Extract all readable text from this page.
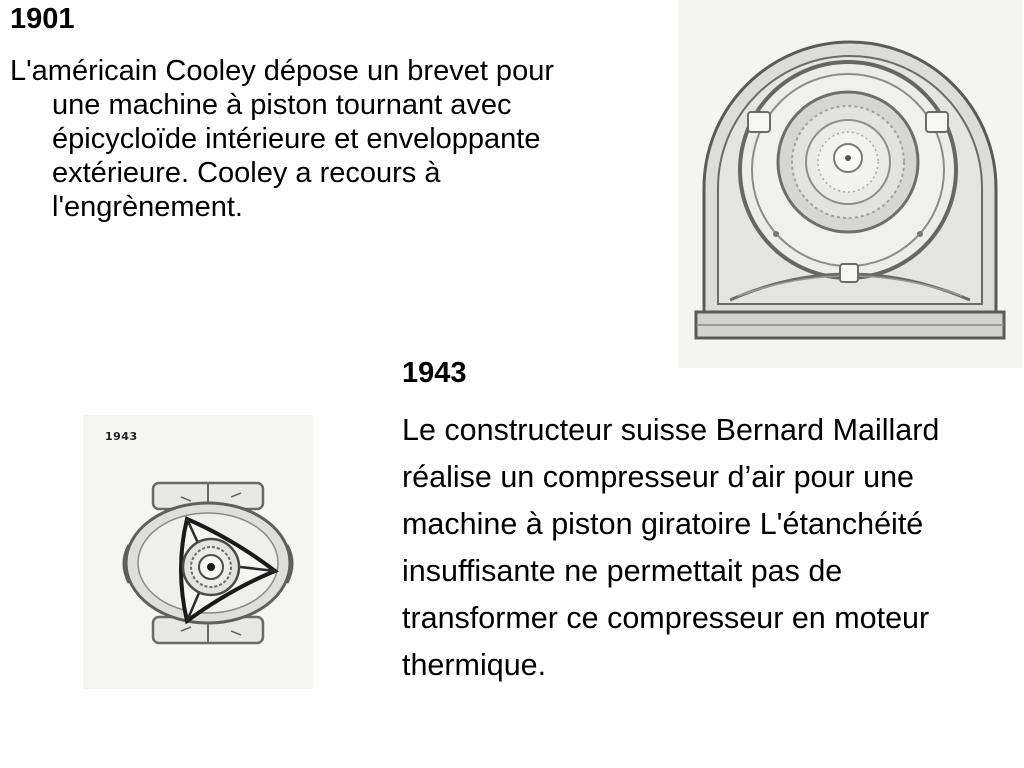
1901

L'américain Cooley dépose un brevet pour une machine à piston tournant avec épicycloïde intérieure et enveloppante extérieure. Cooley a recours à l'engrènement.

1943
1943

Le constructeur suisse Bernard Maillard réalise un compresseur d’air pour une machine à piston giratoire L'étanchéité insuffisante ne permettait pas de transformer ce compresseur en moteur thermique.
